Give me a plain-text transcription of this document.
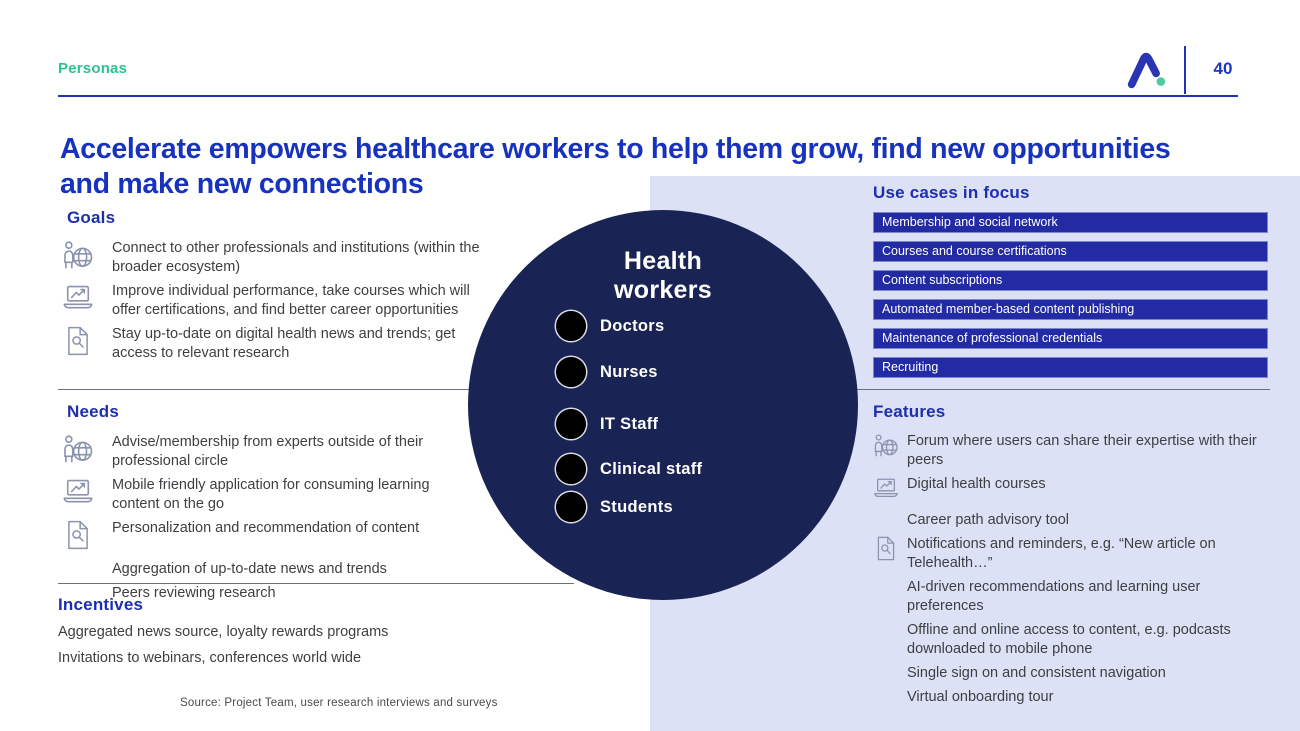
Personas	40
Accelerate empowers healthcare workers to help them grow, find new opportunities
and make new connections
Health workers
Doctors
Nurses
IT Staff
Clinical staff
Students
Goals
Connect to other professionals and institutions (within the broader ecosystem)
Improve individual performance, take courses which will offer certifications, and find better career opportunities
Stay up-to-date on digital health news and trends; get access to relevant research
Needs
Advise/membership from experts outside of their professional circle
Mobile friendly application for consuming learning content on the go
Personalization and recommendation of content
Aggregation of up-to-date news and trends
Peers reviewing research
Incentives
Aggregated news source, loyalty rewards programs
Invitations to webinars, conferences world wide
Use cases in focus
Membership and social network
Courses and course certifications
Content subscriptions
Automated member-based content publishing
Maintenance of professional credentials
Recruiting
Features
Forum where users can share their expertise with their peers
Digital health courses
Career path advisory tool
Notifications and reminders, e.g. “New article on Telehealth…”
AI-driven recommendations and learning user preferences
Offline and online access to content, e.g. podcasts downloaded to mobile phone
Single sign on and consistent navigation
Virtual onboarding tour
Source: Project Team, user research interviews and surveys
